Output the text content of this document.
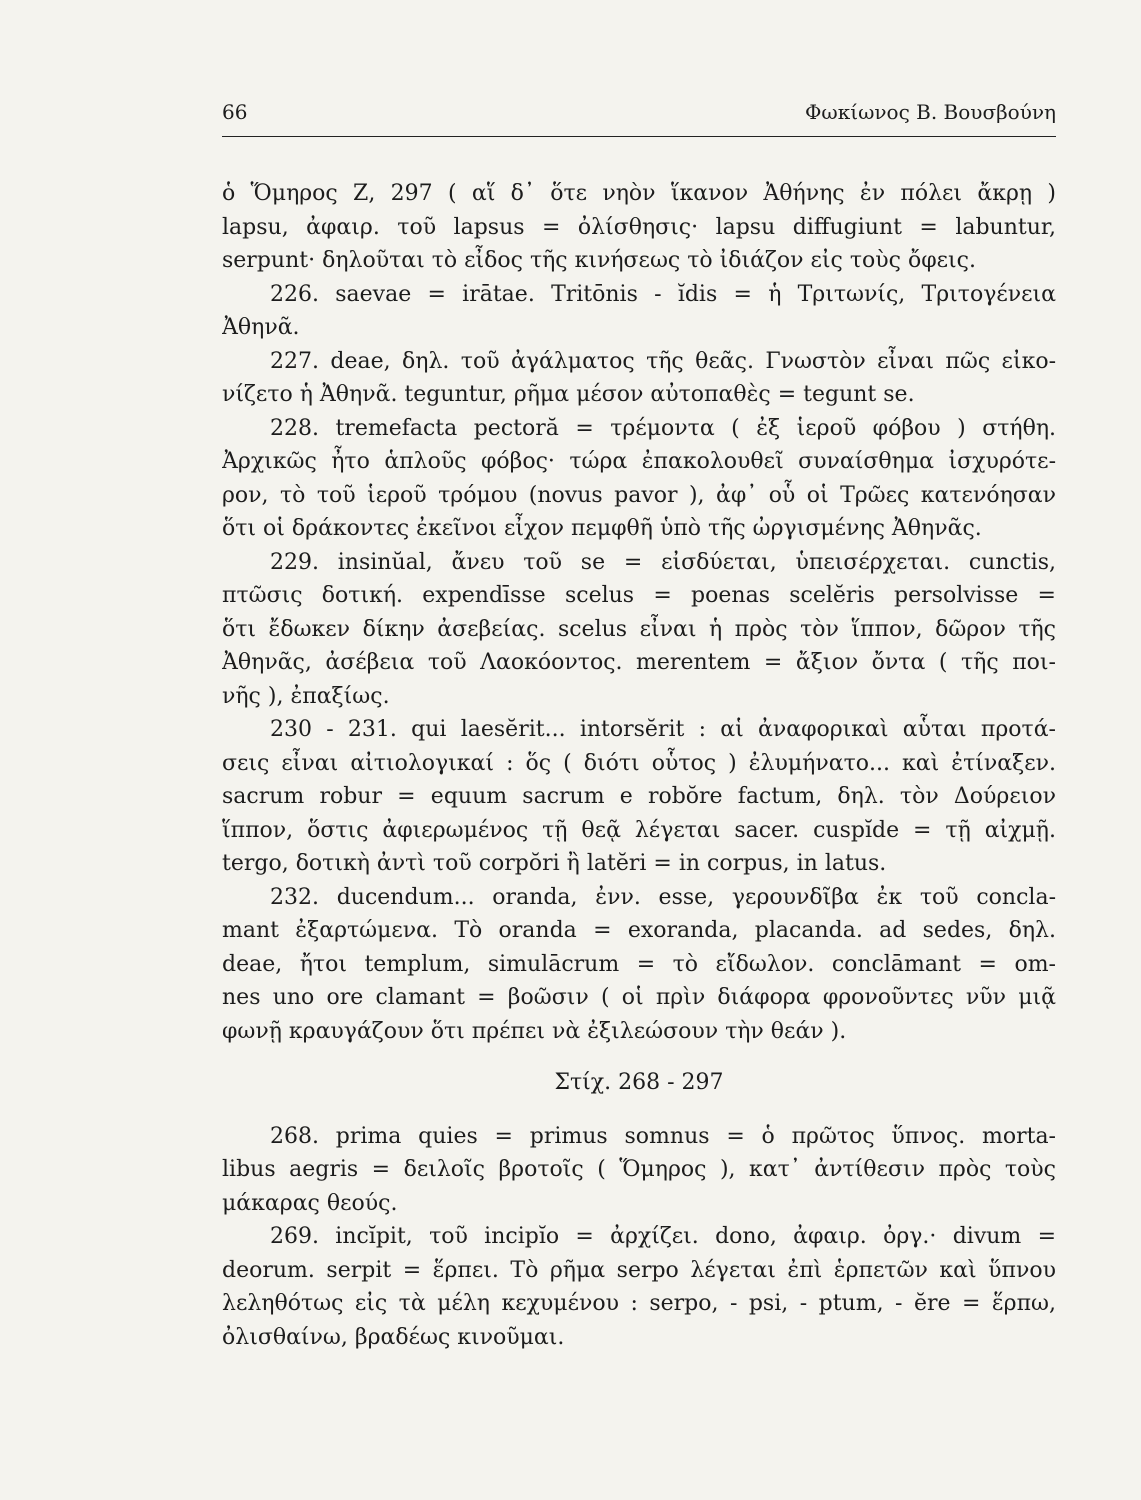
66	Φωκίωνος Β. Βουσβούνη
ὁ Ὅμηρος Ζ, 297 ( αἵ δ᾽ ὅτε νηὸν ἵκανον Ἀθήνης ἐν πόλει ἄκρῃ )
lapsu, ἀφαιρ. τοῦ lapsus = ὀλίσθησις· lapsu diffugiunt = labuntur,
serpunt· δηλοῦται τὸ εἶδος τῆς κινήσεως τὸ ἰδιάζον εἰς τοὺς ὄφεις.
226. saevae = irātae. Tritōnis - ĭdis = ἡ Τριτωνίς, Τριτογένεια
Ἀθηνᾶ.
227. deae, δηλ. τοῦ ἀγάλματος τῆς θεᾶς. Γνωστὸν εἶναι πῶς εἰκο-
νίζετο ἡ Ἀθηνᾶ. teguntur, ρῆμα μέσον αὐτοπαθὲς = tegunt se.
228. tremefacta pectoră = τρέμοντα ( ἐξ ἱεροῦ φόβου ) στήθη.
Ἀρχικῶς ἦτο ἁπλοῦς φόβος· τώρα ἐπακολουθεῖ συναίσθημα ἰσχυρότε-
ρον, τὸ τοῦ ἱεροῦ τρόμου (novus pavor ), ἀφ᾽ οὗ οἱ Τρῶες κατενόησαν
ὅτι οἱ δράκοντες ἐκεῖνοι εἶχον πεμφθῆ ὑπὸ τῆς ὠργισμένης Ἀθηνᾶς.
229. insinŭal, ἄνευ τοῦ se = εἰσδύεται, ὑπεισέρχεται. cunctis,
πτῶσις δοτική. expendīsse scelus = poenas scelĕris persolvisse =
ὅτι ἔδωκεν δίκην ἀσεβείας. scelus εἶναι ἡ πρὸς τὸν ἵππον, δῶρον τῆς
Ἀθηνᾶς, ἀσέβεια τοῦ Λαοκόοντος. merentem = ἄξιον ὄντα ( τῆς ποι-
νῆς ), ἐπαξίως.
230 - 231. qui laesĕrit... intorsĕrit : αἱ ἀναφορικαὶ αὗται προτά-
σεις εἶναι αἰτιολογικαί : ὅς ( διότι οὗτος ) ἐλυμήνατο... καὶ ἐτίναξεν.
sacrum robur = equum sacrum e robŏre factum, δηλ. τὸν Δούρειον
ἵππον, ὅστις ἀφιερωμένος τῇ θεᾷ λέγεται sacer. cuspĭde = τῇ αἰχμῇ.
tergo, δοτικὴ ἀντὶ τοῦ corpŏri ἢ latĕri = in corpus, in latus.
232. ducendum... oranda, ἐνν. esse, γερουνδῖβα ἐκ τοῦ concla-
mant ἐξαρτώμενα. Τὸ oranda = exoranda, placanda. ad sedes, δηλ.
deae, ἤτοι templum, simulācrum = τὸ εἴδωλον. conclāmant = om-
nes uno ore clamant = βοῶσιν ( οἱ πρὶν διάφορα φρονοῦντες νῦν μιᾷ
φωνῇ κραυγάζουν ὅτι πρέπει νὰ ἐξιλεώσουν τὴν θεάν ).
Στίχ. 268 - 297
268. prima quies = primus somnus = ὁ πρῶτος ὕπνος. morta-
libus aegris = δειλοῖς βροτοῖς ( Ὅμηρος ), κατ᾽ ἀντίθεσιν πρὸς τοὺς
μάκαρας θεούς.
269. incĭpit, τοῦ incipĭo = ἀρχίζει. dono, ἀφαιρ. ὀργ.· divum =
deorum. serpit = ἕρπει. Τὸ ρῆμα serpo λέγεται ἐπὶ ἑρπετῶν καὶ ὕπνου
λεληθότως εἰς τὰ μέλη κεχυμένου : serpo, - psi, - ptum, - ĕre = ἕρπω,
ὀλισθαίνω, βραδέως κινοῦμαι.
